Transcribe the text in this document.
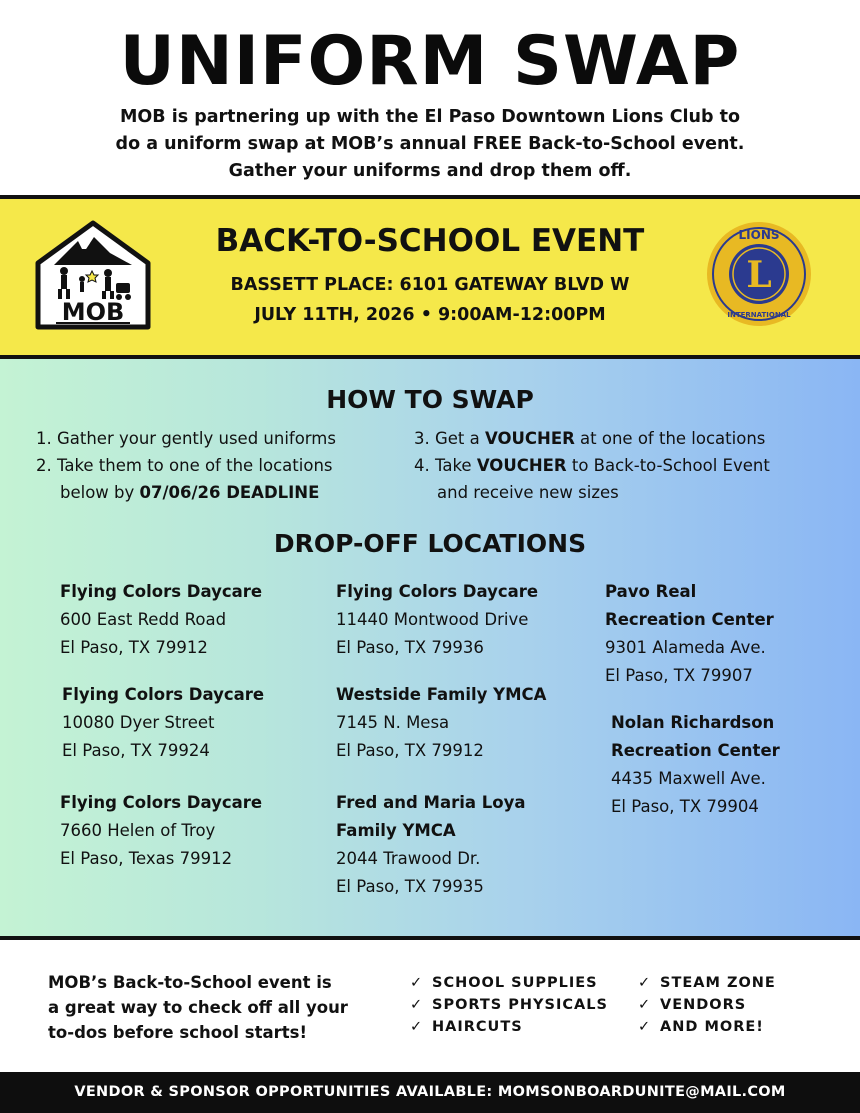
UNIFORM SWAP
MOB is partnering up with the El Paso Downtown Lions Club to
do a uniform swap at MOB’s annual FREE Back-to-School event.
Gather your uniforms and drop them off.
MOB
BACK-TO-SCHOOL EVENT
BASSETT PLACE: 6101 GATEWAY BLVD W
JULY 11TH, 2026 • 9:00AM-12:00PM
L
LIONS
INTERNATIONAL
HOW TO SWAP
1. Gather your gently used uniforms
2. Take them to one of the locations
below by 07/06/26 DEADLINE
3. Get a VOUCHER at one of the locations
4. Take VOUCHER to Back-to-School Event
and receive new sizes
DROP-OFF LOCATIONS
Flying Colors Daycare
600 East Redd Road
El Paso, TX 79912
Flying Colors Daycare
10080 Dyer Street
El Paso, TX 79924
Flying Colors Daycare
7660 Helen of Troy
El Paso, Texas 79912
Flying Colors Daycare
11440 Montwood Drive
El Paso, TX 79936
Westside Family YMCA
7145 N. Mesa
El Paso, TX 79912
Fred and Maria Loya
Family YMCA
2044 Trawood Dr.
El Paso, TX 79935
Pavo Real
Recreation Center
9301 Alameda Ave.
El Paso, TX 79907
Nolan Richardson
Recreation Center
4435 Maxwell Ave.
El Paso, TX 79904
MOB’s Back-to-School event is
a great way to check off all your
to-dos before school starts!
✓ SCHOOL SUPPLIES
✓ SPORTS PHYSICALS
✓ HAIRCUTS
✓ STEAM ZONE
✓ VENDORS
✓ AND MORE!
VENDOR & SPONSOR OPPORTUNITIES AVAILABLE: MOMSONBOARDUNITE@MAIL.COM
